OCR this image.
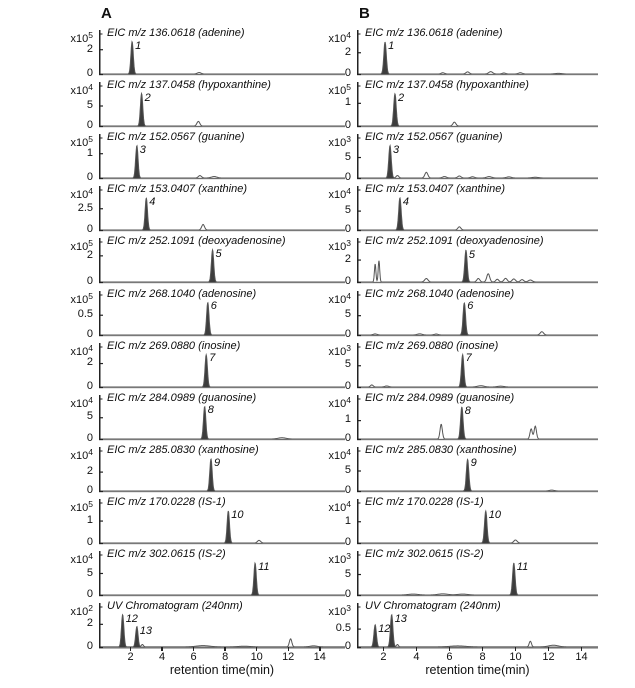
A	B
$x10^5$
2
0
EIC m/z 136.0618 (adenine)
1
$x10^4$
5
0
EIC m/z 137.0458 (hypoxanthine)
2
$x10^5$
1
0
EIC m/z 152.0567 (guanine)
3
$x10^4$
2.5
0
EIC m/z 153.0407 (xanthine)
4
$x10^5$
2
0
EIC m/z 252.1091 (deoxyadenosine)
5
$x10^5$
0.5
0
EIC m/z 268.1040 (adenosine)
6
$x10^4$
2
0
EIC m/z 269.0880 (inosine)
7
$x10^4$
5
0
EIC m/z 284.0989 (guanosine)
8
$x10^4$
2
0
EIC m/z 285.0830 (xanthosine)
9
$x10^5$
1
0
EIC m/z 170.0228 (IS-1)
10
$x10^4$
5
0
EIC m/z 302.0615 (IS-2)
11
$x10^2$
2
0
UV Chromatogram (240nm)
12
13
2 4 6 8 10 12 14
retention time(min)
$x10^4$
2
0
EIC m/z 136.0618 (adenine)
1
$x10^5$
1
0
EIC m/z 137.0458 (hypoxanthine)
2
$x10^3$
5
0
EIC m/z 152.0567 (guanine)
3
$x10^4$
5
0
EIC m/z 153.0407 (xanthine)
4
$x10^3$
2
0
EIC m/z 252.1091 (deoxyadenosine)
5
$x10^4$
5
0
EIC m/z 268.1040 (adenosine)
6
$x10^3$
5
0
EIC m/z 269.0880 (inosine)
7
$x10^4$
1
0
EIC m/z 284.0989 (guanosine)
8
$x10^4$
5
0
EIC m/z 285.0830 (xanthosine)
9
$x10^4$
1
0
EIC m/z 170.0228 (IS-1)
10
$x10^3$
5
0
EIC m/z 302.0615 (IS-2)
11
$x10^3$
0.5
0
UV Chromatogram (240nm)
12
13
2 4 6 8 10 12 14
retention time(min)
